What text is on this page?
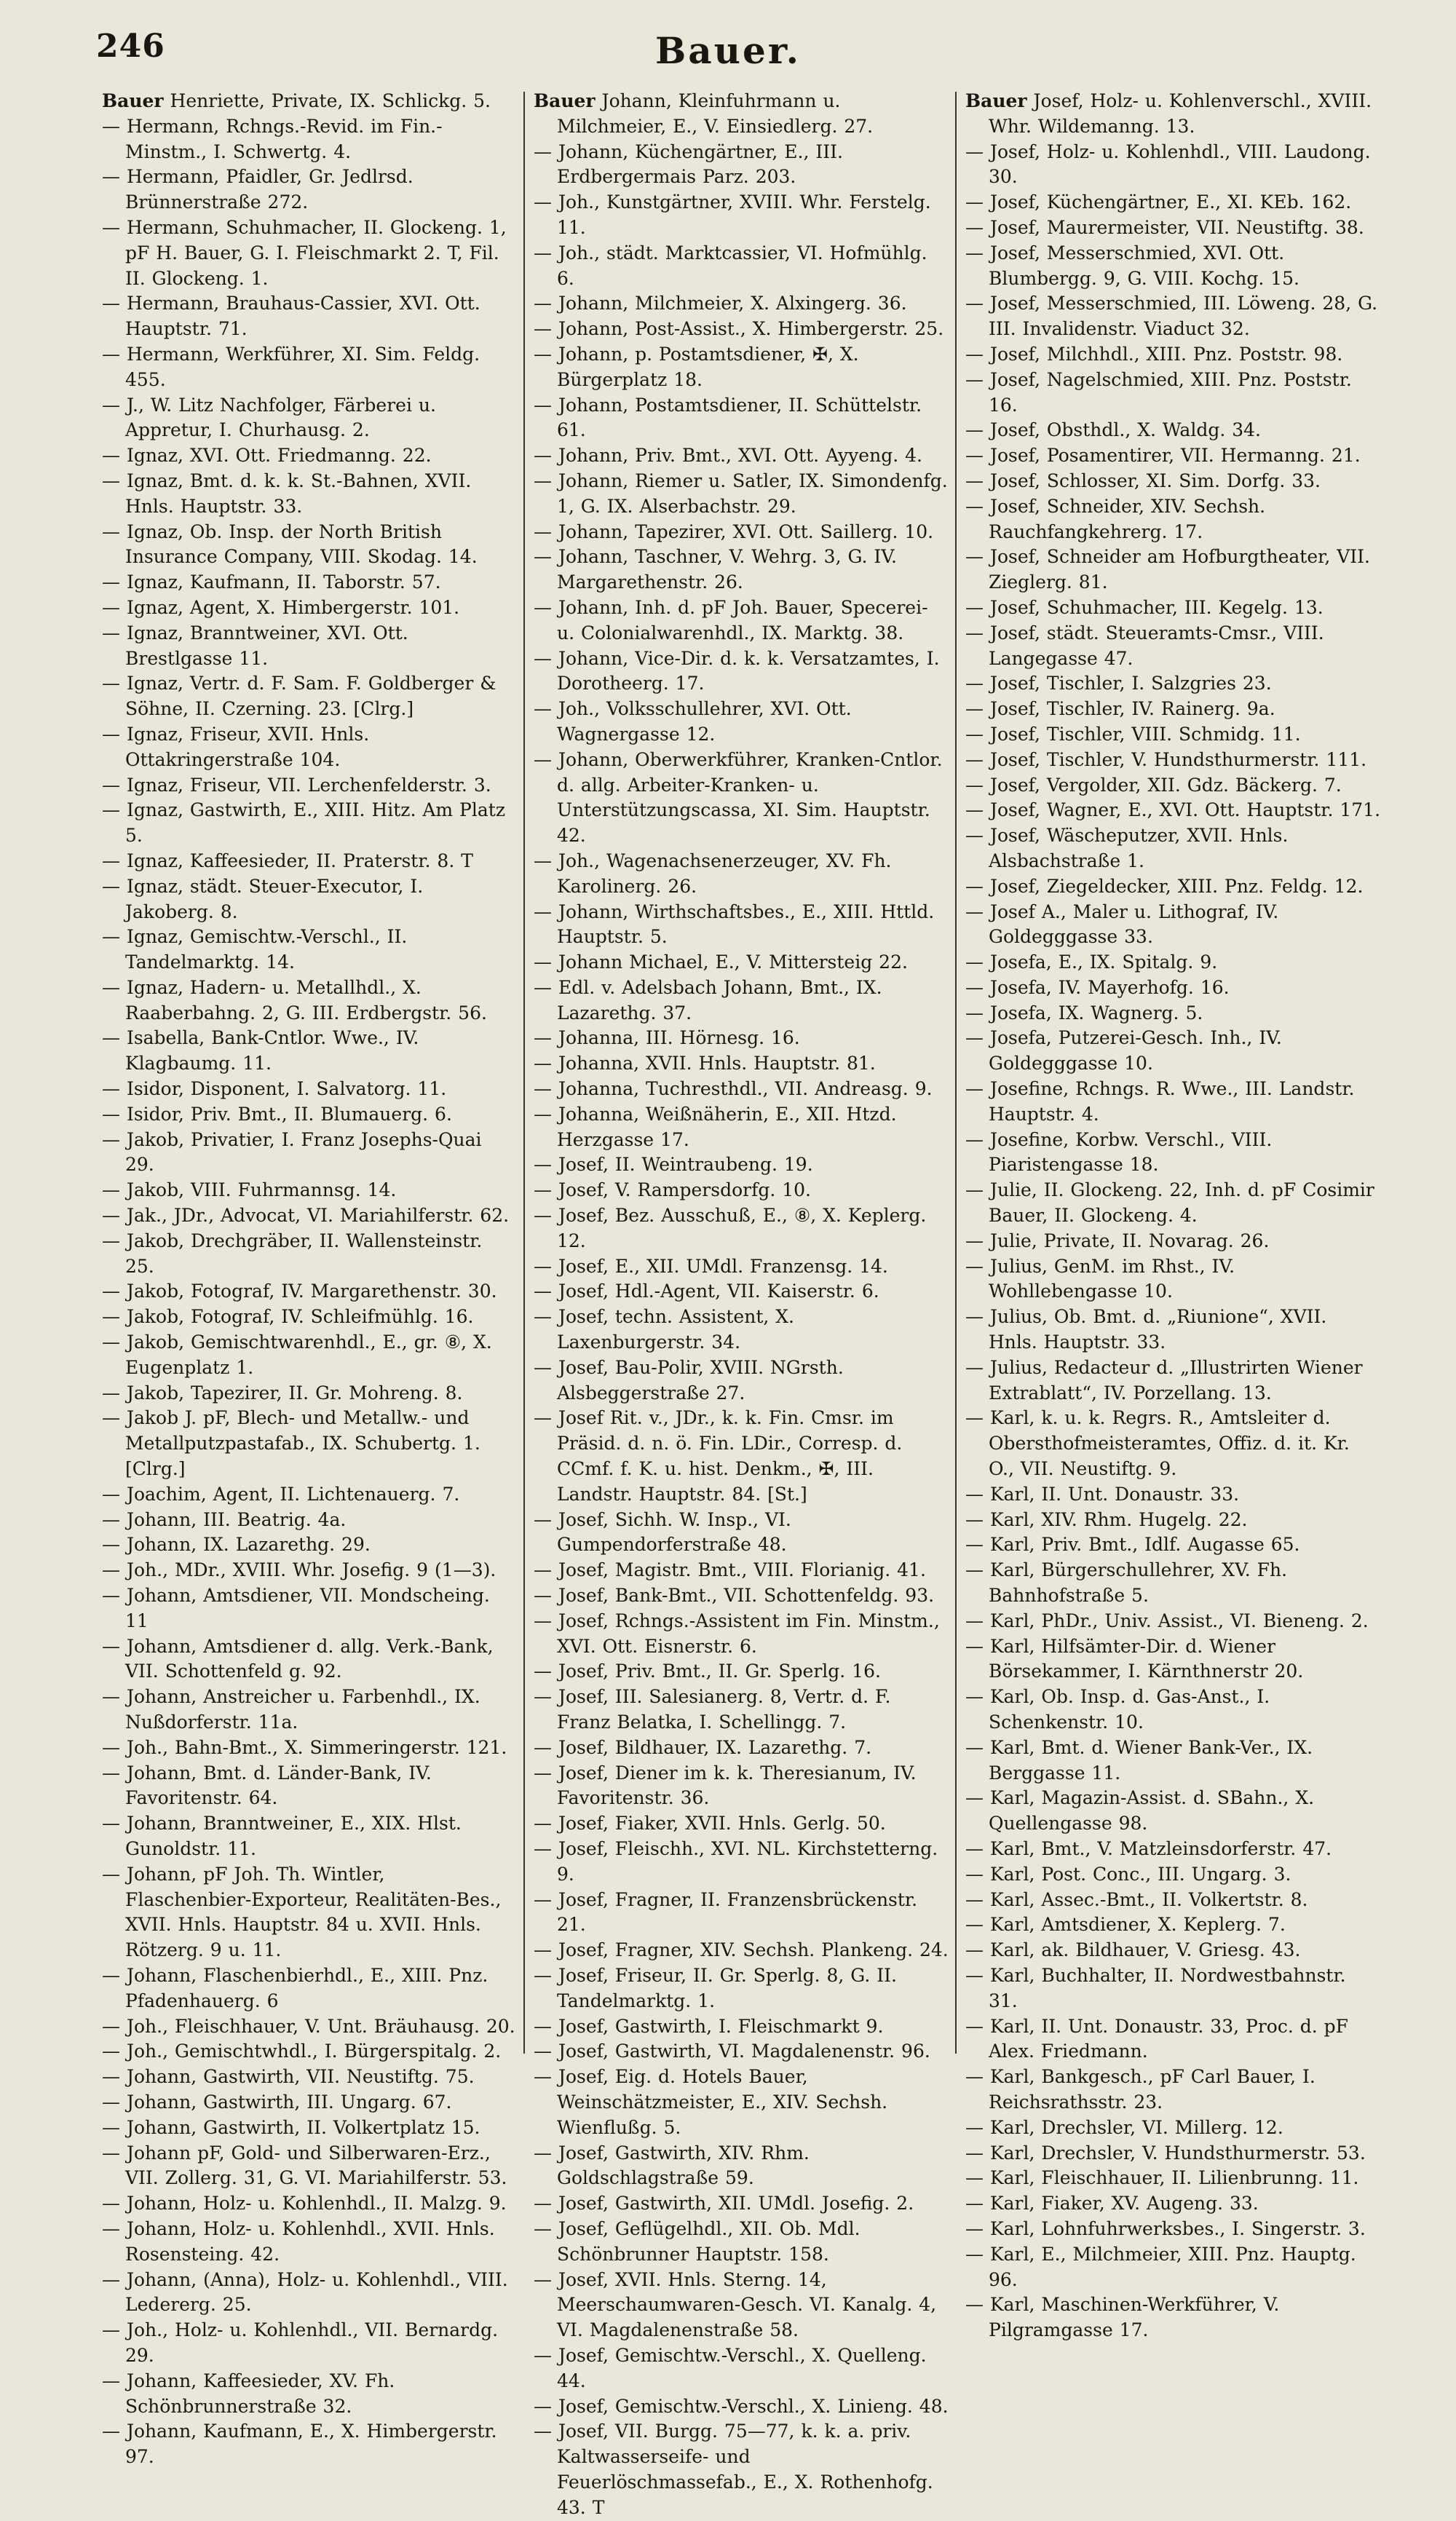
246	Bauer.
Bauer Henriette, Private, IX. Schlickg. 5.
— Hermann, Rchngs.-Revid. im Fin.-Minstm., I. Schwertg. 4.
— Hermann, Pfaidler, Gr. Jedlrsd. Brünnerstraße 272.
— Hermann, Schuhmacher, II. Glockeng. 1, pF H. Bauer, G. I. Fleischmarkt 2. T, Fil. II. Glockeng. 1.
— Hermann, Brauhaus-Cassier, XVI. Ott. Hauptstr. 71.
— Hermann, Werkführer, XI. Sim. Feldg. 455.
— J., W. Litz Nachfolger, Färberei u. Appretur, I. Churhausg. 2.
— Ignaz, XVI. Ott. Friedmanng. 22.
— Ignaz, Bmt. d. k. k. St.-Bahnen, XVII. Hnls. Hauptstr. 33.
— Ignaz, Ob. Insp. der North British Insurance Company, VIII. Skodag. 14.
— Ignaz, Kaufmann, II. Taborstr. 57.
— Ignaz, Agent, X. Himbergerstr. 101.
— Ignaz, Branntweiner, XVI. Ott. Brestlgasse 11.
— Ignaz, Vertr. d. F. Sam. F. Goldberger & Söhne, II. Czerning. 23. [Clrg.]
— Ignaz, Friseur, XVII. Hnls. Ottakringerstraße 104.
— Ignaz, Friseur, VII. Lerchenfelderstr. 3.
— Ignaz, Gastwirth, E., XIII. Hitz. Am Platz 5.
— Ignaz, Kaffeesieder, II. Praterstr. 8. T
— Ignaz, städt. Steuer-Executor, I. Jakoberg. 8.
— Ignaz, Gemischtw.-Verschl., II. Tandelmarktg. 14.
— Ignaz, Hadern- u. Metallhdl., X. Raaberbahng. 2, G. III. Erdbergstr. 56.
— Isabella, Bank-Cntlor. Wwe., IV. Klagbaumg. 11.
— Isidor, Disponent, I. Salvatorg. 11.
— Isidor, Priv. Bmt., II. Blumauerg. 6.
— Jakob, Privatier, I. Franz Josephs-Quai 29.
— Jakob, VIII. Fuhrmannsg. 14.
— Jak., JDr., Advocat, VI. Mariahilferstr. 62.
— Jakob, Drechgräber, II. Wallensteinstr. 25.
— Jakob, Fotograf, IV. Margarethenstr. 30.
— Jakob, Fotograf, IV. Schleifmühlg. 16.
— Jakob, Gemischtwarenhdl., E., gr. ⑧, X. Eugenplatz 1.
— Jakob, Tapezirer, II. Gr. Mohreng. 8.
— Jakob J. pF, Blech- und Metallw.- und Metallputzpastafab., IX. Schubertg. 1. [Clrg.]
— Joachim, Agent, II. Lichtenauerg. 7.
— Johann, III. Beatrig. 4a.
— Johann, IX. Lazarethg. 29.
— Joh., MDr., XVIII. Whr. Josefig. 9 (1—3).
— Johann, Amtsdiener, VII. Mondscheing. 11
— Johann, Amtsdiener d. allg. Verk.-Bank, VII. Schottenfeld g. 92.
— Johann, Anstreicher u. Farbenhdl., IX. Nußdorferstr. 11a.
— Joh., Bahn-Bmt., X. Simmeringerstr. 121.
— Johann, Bmt. d. Länder-Bank, IV. Favoritenstr. 64.
— Johann, Branntweiner, E., XIX. Hlst. Gunoldstr. 11.
— Johann, pF Joh. Th. Wintler, Flaschenbier-Exporteur, Realitäten-Bes., XVII. Hnls. Hauptstr. 84 u. XVII. Hnls. Rötzerg. 9 u. 11.
— Johann, Flaschenbierhdl., E., XIII. Pnz. Pfadenhauerg. 6
— Joh., Fleischhauer, V. Unt. Bräuhausg. 20.
— Joh., Gemischtwhdl., I. Bürgerspitalg. 2.
— Johann, Gastwirth, VII. Neustiftg. 75.
— Johann, Gastwirth, III. Ungarg. 67.
— Johann, Gastwirth, II. Volkertplatz 15.
— Johann pF, Gold- und Silberwaren-Erz., VII. Zollerg. 31, G. VI. Mariahilferstr. 53.
— Johann, Holz- u. Kohlenhdl., II. Malzg. 9.
— Johann, Holz- u. Kohlenhdl., XVII. Hnls. Rosensteing. 42.
— Johann, (Anna), Holz- u. Kohlenhdl., VIII. Ledererg. 25.
— Joh., Holz- u. Kohlenhdl., VII. Bernardg. 29.
— Johann, Kaffeesieder, XV. Fh. Schönbrunnerstraße 32.
— Johann, Kaufmann, E., X. Himbergerstr. 97.
Bauer Johann, Kleinfuhrmann u. Milchmeier, E., V. Einsiedlerg. 27.
— Johann, Küchengärtner, E., III. Erdbergermais Parz. 203.
— Joh., Kunstgärtner, XVIII. Whr. Ferstelg. 11.
— Joh., städt. Marktcassier, VI. Hofmühlg. 6.
— Johann, Milchmeier, X. Alxingerg. 36.
— Johann, Post-Assist., X. Himbergerstr. 25.
— Johann, p. Postamtsdiener, ✠, X. Bürgerplatz 18.
— Johann, Postamtsdiener, II. Schüttelstr. 61.
— Johann, Priv. Bmt., XVI. Ott. Ayyeng. 4.
— Johann, Riemer u. Satler, IX. Simondenfg. 1, G. IX. Alserbachstr. 29.
— Johann, Tapezirer, XVI. Ott. Saillerg. 10.
— Johann, Taschner, V. Wehrg. 3, G. IV. Margarethenstr. 26.
— Johann, Inh. d. pF Joh. Bauer, Specerei- u. Colonialwarenhdl., IX. Marktg. 38.
— Johann, Vice-Dir. d. k. k. Versatzamtes, I. Dorotheerg. 17.
— Joh., Volksschullehrer, XVI. Ott. Wagnergasse 12.
— Johann, Oberwerkführer, Kranken-Cntlor. d. allg. Arbeiter-Kranken- u. Unterstützungscassa, XI. Sim. Hauptstr. 42.
— Joh., Wagenachsenerzeuger, XV. Fh. Karolinerg. 26.
— Johann, Wirthschaftsbes., E., XIII. Httld. Hauptstr. 5.
— Johann Michael, E., V. Mittersteig 22.
— Edl. v. Adelsbach Johann, Bmt., IX. Lazarethg. 37.
— Johanna, III. Hörnesg. 16.
— Johanna, XVII. Hnls. Hauptstr. 81.
— Johanna, Tuchresthdl., VII. Andreasg. 9.
— Johanna, Weißnäherin, E., XII. Htzd. Herzgasse 17.
— Josef, II. Weintraubeng. 19.
— Josef, V. Rampersdorfg. 10.
— Josef, Bez. Ausschuß, E., ⑧, X. Keplerg. 12.
— Josef, E., XII. UMdl. Franzensg. 14.
— Josef, Hdl.-Agent, VII. Kaiserstr. 6.
— Josef, techn. Assistent, X. Laxenburgerstr. 34.
— Josef, Bau-Polir, XVIII. NGrsth. Alsbeggerstraße 27.
— Josef Rit. v., JDr., k. k. Fin. Cmsr. im Präsid. d. n. ö. Fin. LDir., Corresp. d. CCmf. f. K. u. hist. Denkm., ✠, III. Landstr. Hauptstr. 84. [St.]
— Josef, Sichh. W. Insp., VI. Gumpendorferstraße 48.
— Josef, Magistr. Bmt., VIII. Florianig. 41.
— Josef, Bank-Bmt., VII. Schottenfeldg. 93.
— Josef, Rchngs.-Assistent im Fin. Minstm., XVI. Ott. Eisnerstr. 6.
— Josef, Priv. Bmt., II. Gr. Sperlg. 16.
— Josef, III. Salesianerg. 8, Vertr. d. F. Franz Belatka, I. Schellingg. 7.
— Josef, Bildhauer, IX. Lazarethg. 7.
— Josef, Diener im k. k. Theresianum, IV. Favoritenstr. 36.
— Josef, Fiaker, XVII. Hnls. Gerlg. 50.
— Josef, Fleischh., XVI. NL. Kirchstetterng. 9.
— Josef, Fragner, II. Franzensbrückenstr. 21.
— Josef, Fragner, XIV. Sechsh. Plankeng. 24.
— Josef, Friseur, II. Gr. Sperlg. 8, G. II. Tandelmarktg. 1.
— Josef, Gastwirth, I. Fleischmarkt 9.
— Josef, Gastwirth, VI. Magdalenenstr. 96.
— Josef, Eig. d. Hotels Bauer, Weinschätzmeister, E., XIV. Sechsh. Wienflußg. 5.
— Josef, Gastwirth, XIV. Rhm. Goldschlagstraße 59.
— Josef, Gastwirth, XII. UMdl. Josefig. 2.
— Josef, Geflügelhdl., XII. Ob. Mdl. Schönbrunner Hauptstr. 158.
— Josef, XVII. Hnls. Sterng. 14, Meerschaumwaren-Gesch. VI. Kanalg. 4, VI. Magdalenenstraße 58.
— Josef, Gemischtw.-Verschl., X. Quelleng. 44.
— Josef, Gemischtw.-Verschl., X. Linieng. 48.
— Josef, VII. Burgg. 75—77, k. k. a. priv. Kaltwasserseife- und Feuerlöschmassefab., E., X. Rothenhofg. 43. T
Bauer Josef, Holz- u. Kohlenverschl., XVIII. Whr. Wildemanng. 13.
— Josef, Holz- u. Kohlenhdl., VIII. Laudong. 30.
— Josef, Küchengärtner, E., XI. KEb. 162.
— Josef, Maurermeister, VII. Neustiftg. 38.
— Josef, Messerschmied, XVI. Ott. Blumbergg. 9, G. VIII. Kochg. 15.
— Josef, Messerschmied, III. Löweng. 28, G. III. Invalidenstr. Viaduct 32.
— Josef, Milchhdl., XIII. Pnz. Poststr. 98.
— Josef, Nagelschmied, XIII. Pnz. Poststr. 16.
— Josef, Obsthdl., X. Waldg. 34.
— Josef, Posamentirer, VII. Hermanng. 21.
— Josef, Schlosser, XI. Sim. Dorfg. 33.
— Josef, Schneider, XIV. Sechsh. Rauchfangkehrerg. 17.
— Josef, Schneider am Hofburgtheater, VII. Zieglerg. 81.
— Josef, Schuhmacher, III. Kegelg. 13.
— Josef, städt. Steueramts-Cmsr., VIII. Langegasse 47.
— Josef, Tischler, I. Salzgries 23.
— Josef, Tischler, IV. Rainerg. 9a.
— Josef, Tischler, VIII. Schmidg. 11.
— Josef, Tischler, V. Hundsthurmerstr. 111.
— Josef, Vergolder, XII. Gdz. Bäckerg. 7.
— Josef, Wagner, E., XVI. Ott. Hauptstr. 171.
— Josef, Wäscheputzer, XVII. Hnls. Alsbachstraße 1.
— Josef, Ziegeldecker, XIII. Pnz. Feldg. 12.
— Josef A., Maler u. Lithograf, IV. Goldegggasse 33.
— Josefa, E., IX. Spitalg. 9.
— Josefa, IV. Mayerhofg. 16.
— Josefa, IX. Wagnerg. 5.
— Josefa, Putzerei-Gesch. Inh., IV. Goldegggasse 10.
— Josefine, Rchngs. R. Wwe., III. Landstr. Hauptstr. 4.
— Josefine, Korbw. Verschl., VIII. Piaristengasse 18.
— Julie, II. Glockeng. 22, Inh. d. pF Cosimir Bauer, II. Glockeng. 4.
— Julie, Private, II. Novarag. 26.
— Julius, GenM. im Rhst., IV. Wohllebengasse 10.
— Julius, Ob. Bmt. d. „Riunione“, XVII. Hnls. Hauptstr. 33.
— Julius, Redacteur d. „Illustrirten Wiener Extrablatt“, IV. Porzellang. 13.
— Karl, k. u. k. Regrs. R., Amtsleiter d. Obersthofmeisteramtes, Offiz. d. it. Kr. O., VII. Neustiftg. 9.
— Karl, II. Unt. Donaustr. 33.
— Karl, XIV. Rhm. Hugelg. 22.
— Karl, Priv. Bmt., Idlf. Augasse 65.
— Karl, Bürgerschullehrer, XV. Fh. Bahnhofstraße 5.
— Karl, PhDr., Univ. Assist., VI. Bieneng. 2.
— Karl, Hilfsämter-Dir. d. Wiener Börsekammer, I. Kärnthnerstr 20.
— Karl, Ob. Insp. d. Gas-Anst., I. Schenkenstr. 10.
— Karl, Bmt. d. Wiener Bank-Ver., IX. Berggasse 11.
— Karl, Magazin-Assist. d. SBahn., X. Quellengasse 98.
— Karl, Bmt., V. Matzleinsdorferstr. 47.
— Karl, Post. Conc., III. Ungarg. 3.
— Karl, Assec.-Bmt., II. Volkertstr. 8.
— Karl, Amtsdiener, X. Keplerg. 7.
— Karl, ak. Bildhauer, V. Griesg. 43.
— Karl, Buchhalter, II. Nordwestbahnstr. 31.
— Karl, II. Unt. Donaustr. 33, Proc. d. pF Alex. Friedmann.
— Karl, Bankgesch., pF Carl Bauer, I. Reichsrathsstr. 23.
— Karl, Drechsler, VI. Millerg. 12.
— Karl, Drechsler, V. Hundsthurmerstr. 53.
— Karl, Fleischhauer, II. Lilienbrunng. 11.
— Karl, Fiaker, XV. Augeng. 33.
— Karl, Lohnfuhrwerksbes., I. Singerstr. 3.
— Karl, E., Milchmeier, XIII. Pnz. Hauptg. 96.
— Karl, Maschinen-Werkführer, V. Pilgramgasse 17.
